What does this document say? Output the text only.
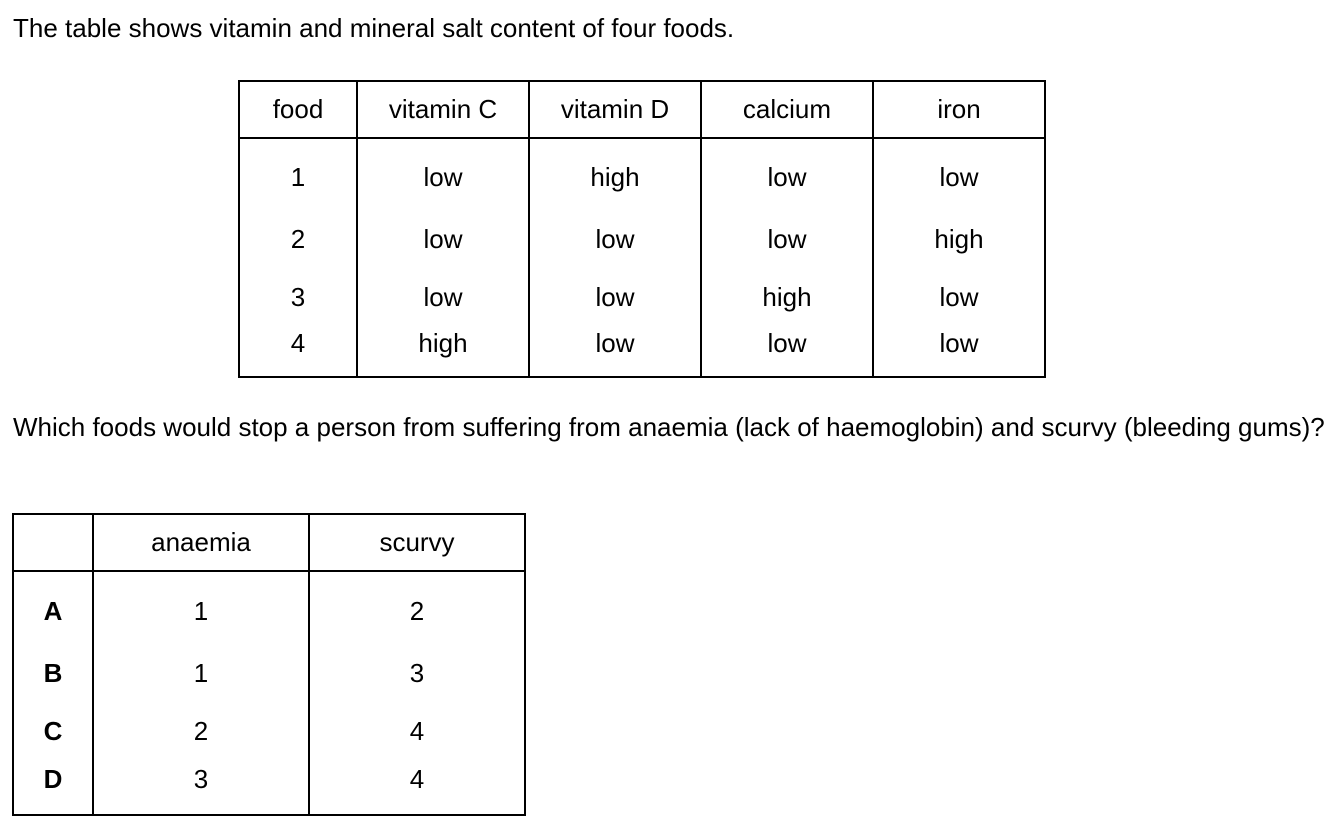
The table shows vitamin and mineral salt content of four foods.
food	vitamin C	vitamin D	calcium	iron
1	low	high	low	low
2	low	low	low	high
3	low	low	high	low
4	high	low	low	low
Which foods would stop a person from suffering from anaemia (lack of haemoglobin) and scurvy (bleeding gums)?
	anaemia	scurvy
A	1	2
B	1	3
C	2	4
D	3	4
